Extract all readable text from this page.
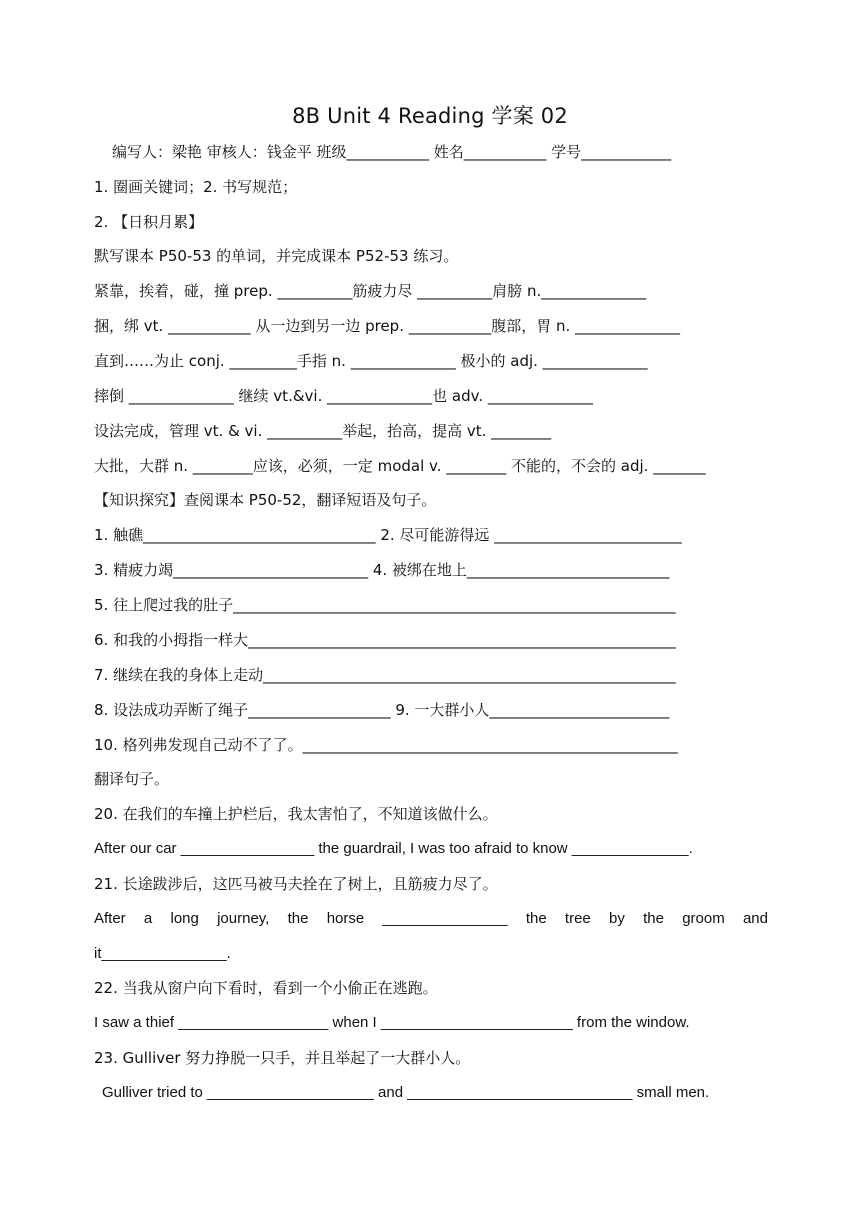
8B Unit 4 Reading 学案 02
编写人：梁艳 审核人：钱金平 班级___________ 姓名___________ 学号____________
1. 圈画关键词；2. 书写规范；
2. 【日积月累】
默写课本 P50-53 的单词，并完成课本 P52-53 练习。
紧靠，挨着，碰，撞 prep. __________筋疲力尽 __________肩膀 n.______________
捆，绑 vt. ___________ 从一边到另一边 prep. ___________腹部，胃 n. ______________
直到……为止 conj. _________手指 n. ______________ 极小的 adj. ______________
摔倒 ______________ 继续 vt.&vi. ______________也 adv. ______________
设法完成，管理 vt. & vi. __________举起，抬高，提高 vt. ________
大批，大群 n. ________应该，必须，一定 modal v. ________ 不能的，不会的 adj. _______
【知识探究】查阅课本 P50-52，翻译短语及句子。
1. 触礁_______________________________ 2. 尽可能游得远 _________________________
3. 精疲力竭__________________________ 4. 被绑在地上___________________________
5. 往上爬过我的肚子___________________________________________________________
6. 和我的小拇指一样大_________________________________________________________
7. 继续在我的身体上走动_______________________________________________________
8. 设法成功弄断了绳子___________________ 9. 一大群小人________________________
10. 格列弗发现自己动不了了。__________________________________________________
翻译句子。
20. 在我们的车撞上护栏后，我太害怕了，不知道该做什么。
After our car ________________ the guardrail, I was too afraid to know ______________.
21. 长途跋涉后，这匹马被马夫拴在了树上，且筋疲力尽了。
After a long journey, the horse _______________ the tree by the groom and
it_______________.
22. 当我从窗户向下看时，看到一个小偷正在逃跑。
I saw a thief __________________ when I _______________________ from the window.
23. Gulliver 努力挣脱一只手，并且举起了一大群小人。
Gulliver tried to ____________________ and ___________________________ small men.
